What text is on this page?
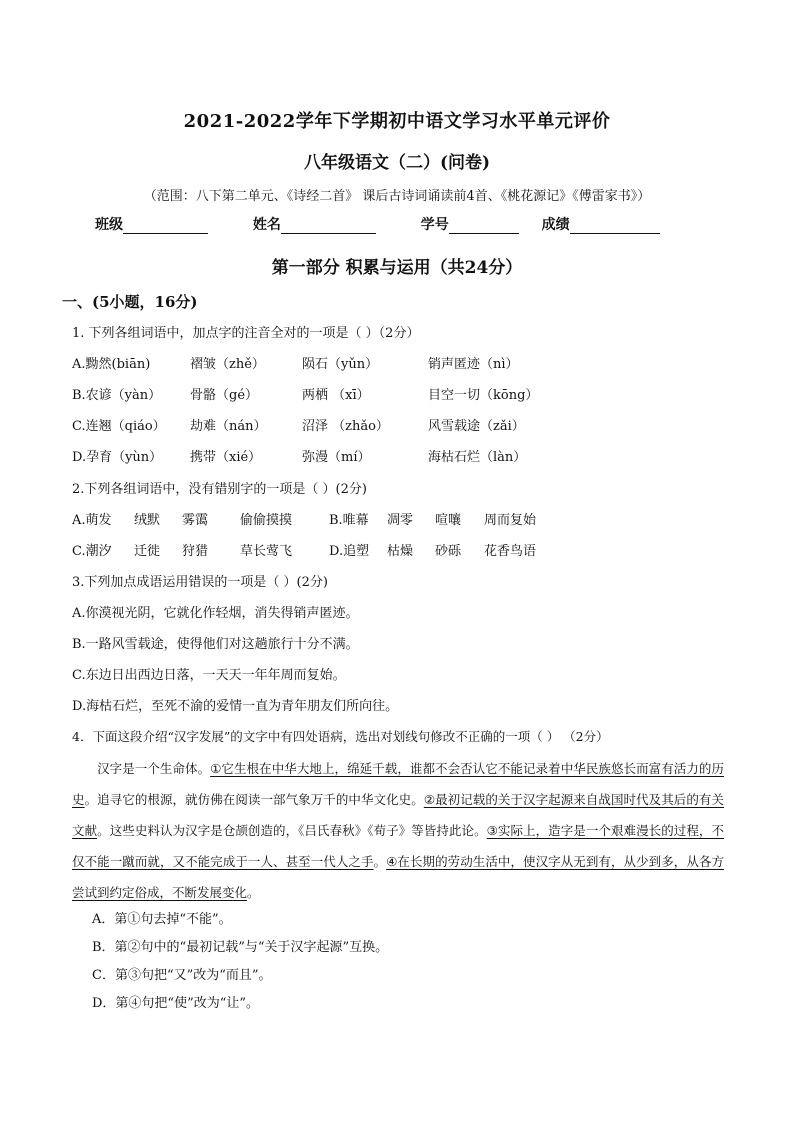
2021-2022学年下学期初中语文学习水平单元评价
八年级语文（二）(问卷)
（范围：八下第二单元、《诗经二首》 课后古诗词诵读前4首、《桃花源记》《傅雷家书》）
班级	姓名	学号	成绩
第一部分 积累与运用（共24分）
一、(5小题，16分)
1. 下列各组词语中，加点字的注音全对的一项是（ ）（2分）
A.黝然(biān)	褶皱（zhě）	陨石（yǔn）	销声匿迹（nì）
B.农谚（yàn） 骨骼（gé）	两栖 （xī）	目空一切（kōng）
C.连翘（qiáo） 劫难（nán）	沼泽 （zhǎo）	风雪载途（zǎi）
D.孕育（yùn） 携带（xié）	弥漫（mí）	海枯石烂（làn）
2.下列各组词语中，没有错别字的一项是（ ）(2分)
A.萌发 绒默 雾霭 偷偷摸摸	B.唯幕 凋零 喧嚷 周而复始
C.潮汐 迁徙 狩猎 草长莺飞	D.追塑 枯燥 砂砾 花香鸟语
3.下列加点成语运用错误的一项是（ ）(2分)
A.你漠视光阴，它就化作轻烟，消失得销声匿迹。
B.一路风雪载途，使得他们对这趟旅行十分不满。
C.东边日出西边日落，一天天一年年周而复始。
D.海枯石烂，至死不渝的爱情一直为青年朋友们所向往。
4．下面这段介绍“汉字发展”的文字中有四处语病，选出对划线句修改不正确的一项（ ） （2分）
汉字是一个生命体。①它生根在中华大地上，绵延千载，谁都不会否认它不能记录着中华民族悠长而富有活力的历史。追寻它的根源，就仿佛在阅读一部气象万千的中华文化史。②最初记载的关于汉字起源来自战国时代及其后的有关文献。这些史料认为汉字是仓颉创造的，《吕氏春秋》《荀子》等皆持此论。③实际上，造字是一个艰难漫长的过程，不仅不能一蹴而就，又不能完成于一人、甚至一代人之手。④在长期的劳动生活中，使汉字从无到有，从少到多，从各方尝试到约定俗成，不断发展变化。
A．第①句去掉“不能”。
B．第②句中的“最初记载”与“关于汉字起源”互换。
C．第③句把“又”改为“而且”。
D．第④句把“使”改为“让”。
